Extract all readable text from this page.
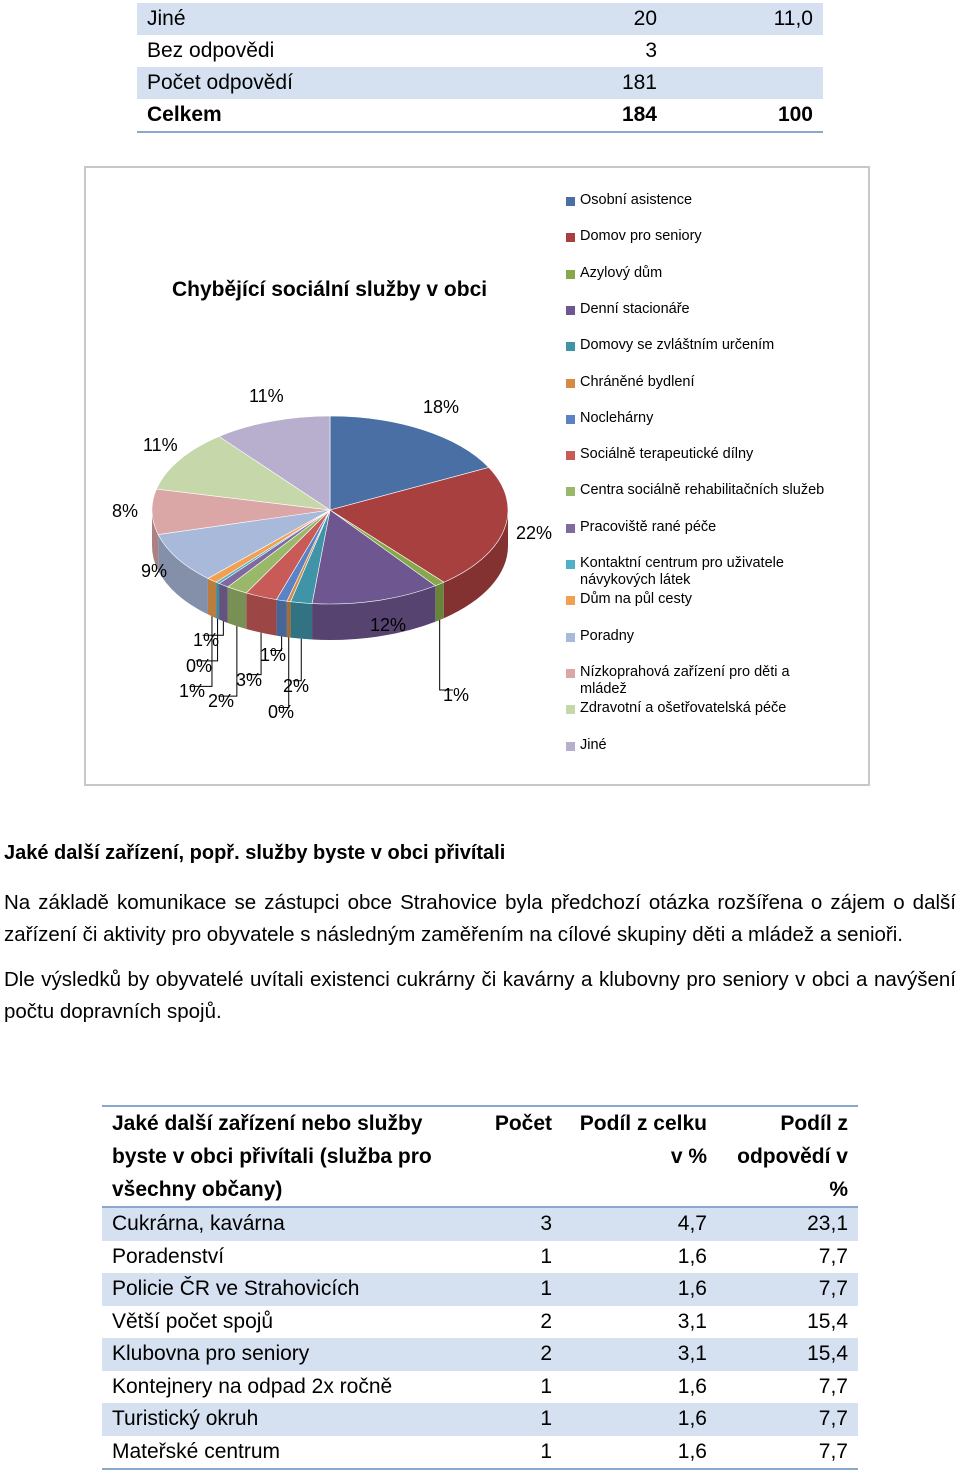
Jiné	20	11,0
Bez odpovědi	3	
Počet odpovědí	181	
Celkem	184	100
Chybějící sociální služby v obci
Osobní asistence
Domov pro seniory
Azylový dům
Denní stacionáře
Domovy se zvláštním určením
Chráněné bydlení
Noclehárny
Sociálně terapeutické dílny
Centra sociálně rehabilitačních služeb
Pracoviště rané péče
Kontaktní centrum pro uživatele návykových látek
Dům na půl cesty
Poradny
Nízkoprahová zařízení pro děti a mládež
Zdravotní a ošetřovatelská péče
Jiné
18%
22%
1%
12%
2%
0%
1%
3%
2%
1%
0%
1%
9%
8%
11%
11%
Jaké další zařízení, popř. služby byste v obci přivítali
Na základě komunikace se zástupci obce Strahovice byla předchozí otázka rozšířena o zájem o další zařízení či aktivity pro obyvatele s následným zaměřením na cílové skupiny děti a mládež a senioři.
Dle výsledků by obyvatelé uvítali existenci cukrárny či kavárny a klubovny pro seniory v obci a navýšení počtu dopravních spojů.
Jaké další zařízení nebo služby byste v obci přivítali (služba pro všechny občany)	Počet	Podíl z celku v %	Podíl z odpovědí v %
Cukrárna, kavárna	3	4,7	23,1
Poradenství	1	1,6	7,7
Policie ČR ve Strahovicích	1	1,6	7,7
Větší počet spojů	2	3,1	15,4
Klubovna pro seniory	2	3,1	15,4
Kontejnery na odpad 2x ročně	1	1,6	7,7
Turistický okruh	1	1,6	7,7
Mateřské centrum	1	1,6	7,7
